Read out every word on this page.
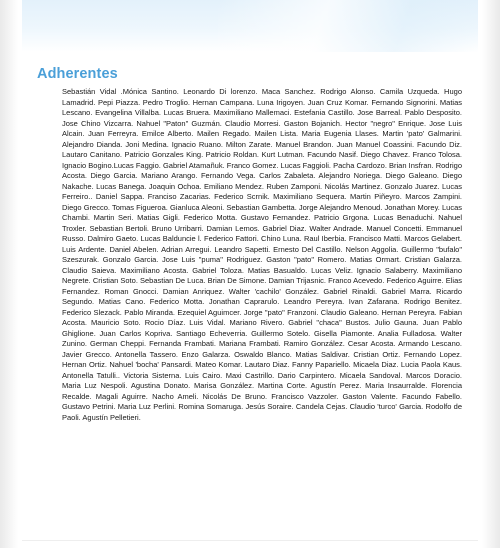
Adherentes

Sebastián Vidal .Mónica Santino. Leonardo Di lorenzo. Maca Sanchez. Rodrigo Alonso. Camila Uzqueda. Hugo Lamadrid. Pepi Piazza. Pedro Troglio. Hernan Campana. Luna Irigoyen. Juan Cruz Komar. Fernando Signorini. Matias Lescano. Evangelina Villalba. Lucas Bruera. Maximiliano Mallemaci. Estefania Castillo. Jose Barreal. Pablo Desposito. Jose Chino Vizcarra. Nahuel "Paton" Guzmán. Claudio Morresi. Gaston Bojanich. Hector "negro" Enrique. Jose Luis Alcain. Juan Ferreyra. Emilce Alberto. Mailen Regado. Mailen Lista. Maria Eugenia Llases. Martin 'pato' Galmarini. Alejandro Dianda. Joni Medina. Ignacio Ruano. Milton Zarate. Manuel Brandon. Juan Manuel Coassini. Facundo Diz. Lautaro Canitano. Patricio Gonzales King. Patricio Roldan. Kurt Lutman. Facundo Nasif. Diego Chavez. Franco Tolosa. Ignacio Bogino.Lucas Faggio. Gabriel Atamañuk. Franco Gomez. Lucas Faggioli. Pacha Cardozo. Brian Insfran. Rodrigo Acosta. Diego Garcia. Mariano Arango. Fernando Vega. Carlos Zabaleta. Alejandro Noriega. Diego Galeano. Diego Nakache. Lucas Banega. Joaquin Ochoa. Emiliano Mendez. Ruben Zamponi. Nicolás Martinez. Gonzalo Juarez. Lucas Ferreiro.. Daniel Sappa. Franciso Zacarias. Federico Scrnik. Maximiliano Sequera. Martin Piñeyro. Marcos Zampini. Diego Grecco. Tomas Figueroa. Gianluca Aleoni. Sebastian Gambetta. Jorge Alejandro Menoud. Jonathan Morey. Lucas Chambi. Martin Seri. Matias Gigli. Federico Motta. Gustavo Fernandez. Patricio Grgona. Lucas Benaduchi. Nahuel Troxler. Sebastian Bertoli. Bruno Urribarri. Damian Lemos. Gabriel Diaz. Walter Andrade. Manuel Concetti. Emmanuel Russo. Dalmiro Gaeto. Lucas Balduncie l. Federico Fattori. Chino Luna. Raul Iberbia. Francisco Matti. Marcos Gelabert. Luis Ardente. Daniel Abelen. Adrian Arregui. Leandro Sapetti. Ernesto Del Castillo. Nelson Aggolia. Guillermo "bufalo" Szeszurak. Gonzalo Garcia. Jose Luis "puma" Rodriguez. Gaston "pato" Romero. Matias Ormart. Cristian Galarza. Claudio Saieva. Maximiliano Acosta. Gabriel Toloza. Matias Basualdo. Lucas Veliz. Ignacio Salaberry. Maximiliano Negrete. Cristian Soto. Sebastian De Luca. Brian De Simone. Damian Trijasnic. Franco Acevedo. Federico Aguirre. Elias Fernandez. Roman Gnocci. Damian Anriquez. Walter 'cachilo' González. Gabriel Rinaldi. Gabriel Marra. Ricardo Segundo. Matias Cano. Federico Motta. Jonathan Caprarulo. Leandro Pereyra. Ivan Zafarana. Rodrigo Benitez. Federico Slezack. Pablo Miranda. Ezequiel Aguimcer. Jorge "pato" Franzoni. Claudio Galeano. Hernan Pereyra. Fabian Acosta. Mauricio Soto. Rocio Díaz. Luis Vidal. Mariano Rivero. Gabriel "chaca" Bustos. Julio Gauna. Juan Pablo Ghiglione. Juan Carlos Kopriva. Santiago Echeverria. Guillermo Sotelo. Gisella Piamonte. Analia Fulladosa. Walter Zunino. German Cheppi. Fernanda Frambati. Mariana Frambati. Ramiro González. Cesar Acosta. Armando Lescano. Javier Grecco. Antonella Tassero. Enzo Galarza. Oswaldo Blanco. Matias Saldivar. Cristian Ortiz. Fernando Lopez. Hernan Ortiz. Nahuel 'bocha' Pansardi. Mateo Komar. Lautaro Diaz. Fanny Papariello. Micaela Diaz. Lucia Paola Kaus. Antonella Tatulli.. Victoria Sisterna. Luis Cairo. Maxi Castrillo. Dario Carpintero. Micaela Sandoval. Marcos Doracio. Maria Luz Nespoli. Agustina Donato. Marisa González. Martina Corte. Agustín Perez. Maria Insaurralde. Florencia Recalde. Magali Aguirre. Nacho Ameli. Nicolás De Bruno. Francisco Vazzoler. Gaston Valente. Facundo Fabello. Gustavo Petrini. Maria Luz Perlini. Romina Somaruga. Jesús Soraire. Candela Cejas. Claudio 'turco' Garcia. Rodolfo de Paoli. Agustín Pelletieri.
